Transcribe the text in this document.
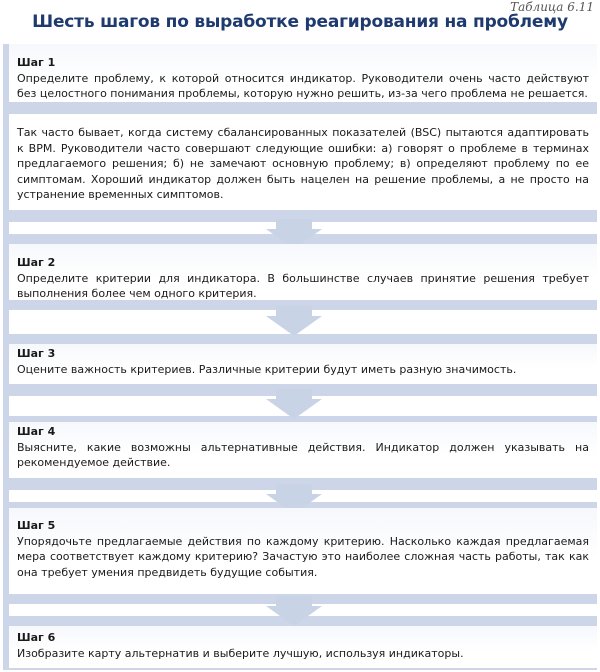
Таблица 6.11
Шесть шагов по выработке реагирования на проблему
Шаг 1

Определите проблему, к которой относится индикатор. Руководители очень часто действуют без целостного понимания проблемы, которую нужно решить, из-за чего проблема не решается.

Так часто бывает, когда систему сбалансированных показателей (BSC) пытаются адаптировать к BPM. Руководители часто совершают следующие ошибки: а) говорят о проблеме в терминах предлагаемого решения; б) не замечают основную проблему; в) определяют проблему по ее симптомам. Хороший индикатор должен быть нацелен на решение проблемы, а не просто на устранение временных симптомов.

Шаг 2

Определите критерии для индикатора. В большинстве случаев принятие решения требует выполнения более чем одного критерия.

Шаг 3

Оцените важность критериев. Различные критерии будут иметь разную значимость.

Шаг 4

Выясните, какие возможны альтернативные действия. Индикатор должен указывать на рекомендуемое действие.

Шаг 5

Упорядочьте предлагаемые действия по каждому критерию. Насколько каждая предлагаемая мера соответствует каждому критерию? Зачастую это наиболее сложная часть работы, так как она требует умения предвидеть будущие события.

Шаг 6

Изобразите карту альтернатив и выберите лучшую, используя индикаторы.
